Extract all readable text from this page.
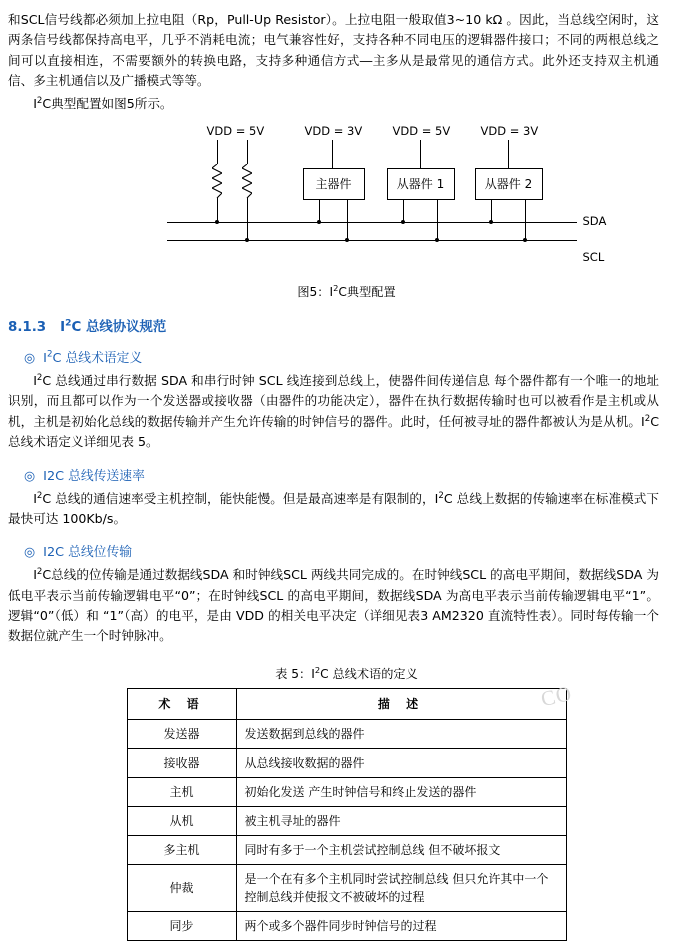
和SCL信号线都必须加上拉电阻（Rp，Pull-Up Resistor）。上拉电阻一般取值3~10 kΩ 。因此，当总线空闲时，这两条信号线都保持高电平，几乎不消耗电流；电气兼容性好，支持各种不同电压的逻辑器件接口；不同的两根总线之间可以直接相连，不需要额外的转换电路，支持多种通信方式―主多从是最常见的通信方式。此外还支持双主机通信、多主机通信以及广播模式等等。
$I^2C$典型配置如图5所示。
VDD = 5V	VDD = 3V	VDD = 5V	VDD = 3V
主器件	从器件 1	从器件 2
SDA
SCL
图5：$I^2C$典型配置
8.1.3 $I^2C$ 总线协议规范
◎ $I^2C$ 总线术语定义
$I^2C$ 总线通过串行数据 SDA 和串行时钟 SCL 线连接到总线上，使器件间传递信息 每个器件都有一个唯一的地址识别，而且都可以作为一个发送器或接收器（由器件的功能决定），器件在执行数据传输时也可以被看作是主机或从机，主机是初始化总线的数据传输并产生允许传输的时钟信号的器件。此时，任何被寻址的器件都被认为是从机。$I^2C$ 总线术语定义详细见表 5。
◎ I2C 总线传送速率
$I^2C$ 总线的通信速率受主机控制，能快能慢。但是最高速率是有限制的，$I^2C$ 总线上数据的传输速率在标准模式下最快可达 100Kb/s。
◎ I2C 总线位传输
$I^2C$总线的位传输是通过数据线SDA 和时钟线SCL 两线共同完成的。在时钟线SCL 的高电平期间，数据线SDA 为低电平表示当前传输逻辑电平“0”；在时钟线SCL 的高电平期间，数据线SDA 为高电平表示当前传输逻辑电平“1”。逻辑“0”（低）和 “1”（高）的电平，是由 VDD 的相关电平决定（详细见表3 AM2320 直流特性表）。同时每传输一个数据位就产生一个时钟脉冲。
表 5：$I^2C$ 总线术语的定义
CO
术 语	描 述
发送器	发送数据到总线的器件
接收器	从总线接收数据的器件
主机	初始化发送 产生时钟信号和终止发送的器件
从机	被主机寻址的器件
多主机	同时有多于一个主机尝试控制总线 但不破坏报文
仲裁	是一个在有多个主机同时尝试控制总线 但只允许其中一个控制总线并使报文不被破坏的过程
同步	两个或多个器件同步时钟信号的过程
